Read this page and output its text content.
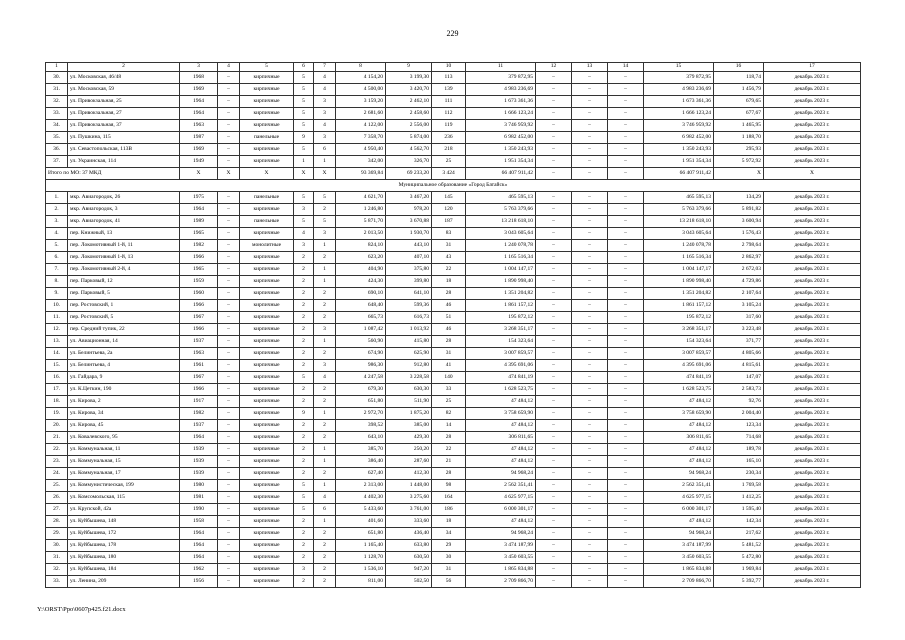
229
1	2	3	4	5	6	7	8	9	10	11	12	13	14	15	16	17
30.	ул. Московская, 46/48	1968	–	кирпичные	5	4	4 154,20	3 199,30	113	379 872,95	–	–	–	379 872,95	118,74	декабрь 2023 г.
31.	ул. Московская, 59	1969	–	кирпичные	5	4	4 500,00	3 420,70	139	4 983 236,69	–	–	–	4 983 236,69	1 456,79	декабрь 2023 г.
32.	ул. Привокзальная, 25	1964	–	кирпичные	5	3	3 159,20	2 462,10	111	1 673 361,36	–	–	–	1 673 361,36	679,65	декабрь 2023 г.
33.	ул. Привокзальная, 27	1964	–	кирпичные	5	3	2 681,60	2 458,60	112	1 666 123,24	–	–	–	1 666 123,24	677,67	декабрь 2023 г.
34.	ул. Привокзальная, 37	1963	–	кирпичные	5	4	4 122,00	2 556,00	119	3 746 959,92	–	–	–	3 746 959,92	1 465,95	декабрь 2023 г.
35.	ул. Пушкина, 115	1987	–	панельные	9	3	7 358,70	5 874,00	236	6 982 452,00	–	–	–	6 982 452,00	1 188,70	декабрь 2023 г.
36.	ул. Севастопольская, 113В	1969	–	кирпичные	5	6	4 950,40	4 562,70	218	1 350 243,93	–	–	–	1 350 243,93	295,93	декабрь 2023 г.
37.	ул. Украинская, 114	1949	–	кирпичные	1	1	342,00	326,70	25	1 951 354,34	–	–	–	1 951 354,34	5 972,92	декабрь 2023 г.
Итого по МО: 37 МКД		Х	Х	Х	Х	Х	93 369,84	69 233,20	3 424	66 407 911,42	–	–	–	66 407 911,42	Х	Х
Муниципальное образование «Город Батайск»																
1.	мкр. Авиагородок, 26	1975	–	панельные	5	5	4 621,70	3 467,20	145	465 595,13	–	–	–	465 595,13	134,29	декабрь 2023 г.
2.	мкр. Авиагородок, 3	1964	–	кирпичные	3	2	1 246,80	978,20	120	5 763 379,66	–	–	–	5 763 379,66	5 891,82	декабрь 2023 г.
3.	мкр. Авиагородок, 41	1989	–	панельные	5	5	5 871,70	3 670,88	187	13 218 618,10	–	–	–	13 218 618,10	3 600,94	декабрь 2023 г.
4.	пер. Книжный, 13	1965	–	кирпичные	4	3	2 013,50	1 930,70	83	3 043 605,64	–	–	–	3 043 605,64	1 576,43	декабрь 2023 г.
5.	пер. Локомотивный 1-й, 11	1982	–	монолитные	3	1	824,10	443,10	31	1 240 078,78	–	–	–	1 240 078,78	2 798,64	декабрь 2023 г.
6.	пер. Локомотивный 1-й, 13	1966	–	кирпичные	2	2	623,20	407,10	43	1 165 516,34	–	–	–	1 165 516,34	2 862,97	декабрь 2023 г.
7.	пер. Локомотивный 2-й, 4	1965	–	кирпичные	2	1	404,90	375,80	22	1 004 147,17	–	–	–	1 004 147,17	2 672,03	декабрь 2023 г.
8.	пер. Парковый, 12	1959	–	кирпичные	2	1	424,30	399,80	18	1 890 998,40	–	–	–	1 890 998,40	4 729,86	декабрь 2023 г.
9.	пер. Парковый, 5	1960	–	кирпичные	2	2	690,10	641,10	28	1 351 204,82	–	–	–	1 351 204,82	2 107,64	декабрь 2023 г.
10.	пер. Ростовский, 1	1966	–	кирпичные	2	2	648,40	599,36	46	1 861 157,12	–	–	–	1 861 157,12	3 105,24	декабрь 2023 г.
11.	пер. Ростовский, 5	1967	–	кирпичные	2	2	665,73	616,73	51	195 872,12	–	–	–	195 872,12	317,60	декабрь 2023 г.
12.	пер. Средний тупик, 22	1966	–	кирпичные	2	3	1 087,42	1 013,92	46	3 268 351,17	–	–	–	3 268 351,17	3 223,48	декабрь 2023 г.
13.	ул. Авиационная, 14	1937	–	кирпичные	2	1	560,90	415,80	28	154 323,64	–	–	–	154 323,64	371,77	декабрь 2023 г.
14.	ул. Белинтьева, 2а	1963	–	кирпичные	2	2	674,90	625,90	31	3 007 859,57	–	–	–	3 007 859,57	4 805,66	декабрь 2023 г.
15.	ул. Белинтьева, 4	1961	–	кирпичные	2	3	986,30	912,80	41	4 395 691,06	–	–	–	4 395 691,06	4 815,61	декабрь 2023 г.
16.	ул. Гайдара, 9	1967	–	кирпичные	5	4	4 247,58	3 228,58	140	474 841,19	–	–	–	474 841,19	147,07	декабрь 2023 г.
17.	ул. К.Цеткин, 190	1966	–	кирпичные	2	2	679,30	630,30	33	1 628 523,75	–	–	–	1 628 523,75	2 583,73	декабрь 2023 г.
18.	ул. Кирова, 2	1917	–	кирпичные	2	2	651,80	511,90	25	47 484,12	–	–	–	47 484,12	92,76	декабрь 2023 г.
19.	ул. Кирова, 34	1982	–	кирпичные	9	1	2 972,70	1 875,20	82	3 758 659,90	–	–	–	3 758 659,90	2 004,40	декабрь 2023 г.
20.	ул. Кирова, 45	1937	–	кирпичные	2	2	398,52	385,00	14	47 484,12	–	–	–	47 484,12	123,34	декабрь 2023 г.
21.	ул. Ковалевского, 95	1964	–	кирпичные	2	2	643,10	429,30	28	306 811,65	–	–	–	306 811,65	714,68	декабрь 2023 г.
22.	ул. Коммунальная, 11	1939	–	кирпичные	2	1	385,70	250,20	22	47 484,12	–	–	–	47 484,12	189,78	декабрь 2023 г.
23.	ул. Коммунальная, 15	1939	–	кирпичные	2	1	386,40	287,60	21	47 484,12	–	–	–	47 484,12	165,10	декабрь 2023 г.
24.	ул. Коммунальная, 17	1939	–	кирпичные	2	2	627,40	412,30	28	94 968,24	–	–	–	94 968,24	230,34	декабрь 2023 г.
25.	ул. Коммунистическая, 199	1980	–	кирпичные	5	1	2 313,00	1 448,00	98	2 562 351,41	–	–	–	2 562 351,41	1 769,58	декабрь 2023 г.
26.	ул. Комсомольская, 115	1981	–	кирпичные	5	4	4 402,30	3 275,60	164	4 625 977,15	–	–	–	4 625 977,15	1 412,25	декабрь 2023 г.
27.	ул. Крупской, 42а	1990	–	кирпичные	5	6	5 433,60	3 761,00	186	6 000 301,17	–	–	–	6 000 301,17	1 595,40	декабрь 2023 г.
28.	ул. Куйбышева, 148	1958	–	кирпичные	2	1	401,60	333,60	18	47 484,12	–	–	–	47 484,12	142,34	декабрь 2023 г.
29.	ул. Куйбышева, 172	1964	–	кирпичные	2	2	651,80	436,40	34	94 968,24	–	–	–	94 968,24	217,62	декабрь 2023 г.
30.	ул. Куйбышева, 178	1964	–	кирпичные	2	2	1 165,40	633,80	29	3 474 187,99	–	–	–	3 474 187,99	5 481,52	декабрь 2023 г.
31.	ул. Куйбышева, 180	1964	–	кирпичные	2	2	1 128,70	630,50	30	3 450 603,55	–	–	–	3 450 603,55	5 472,80	декабрь 2023 г.
32.	ул. Куйбышева, 184	1962	–	кирпичные	3	2	1 536,10	947,20	31	1 865 834,88	–	–	–	1 865 834,88	1 969,84	декабрь 2023 г.
33.	ул. Ленина, 209	1956	–	кирпичные	2	2	811,00	502,50	56	2 709 866,70	–	–	–	2 709 866,70	5 392,77	декабрь 2023 г.
Y:\ORST\Ppo\0607p425.f21.docx
